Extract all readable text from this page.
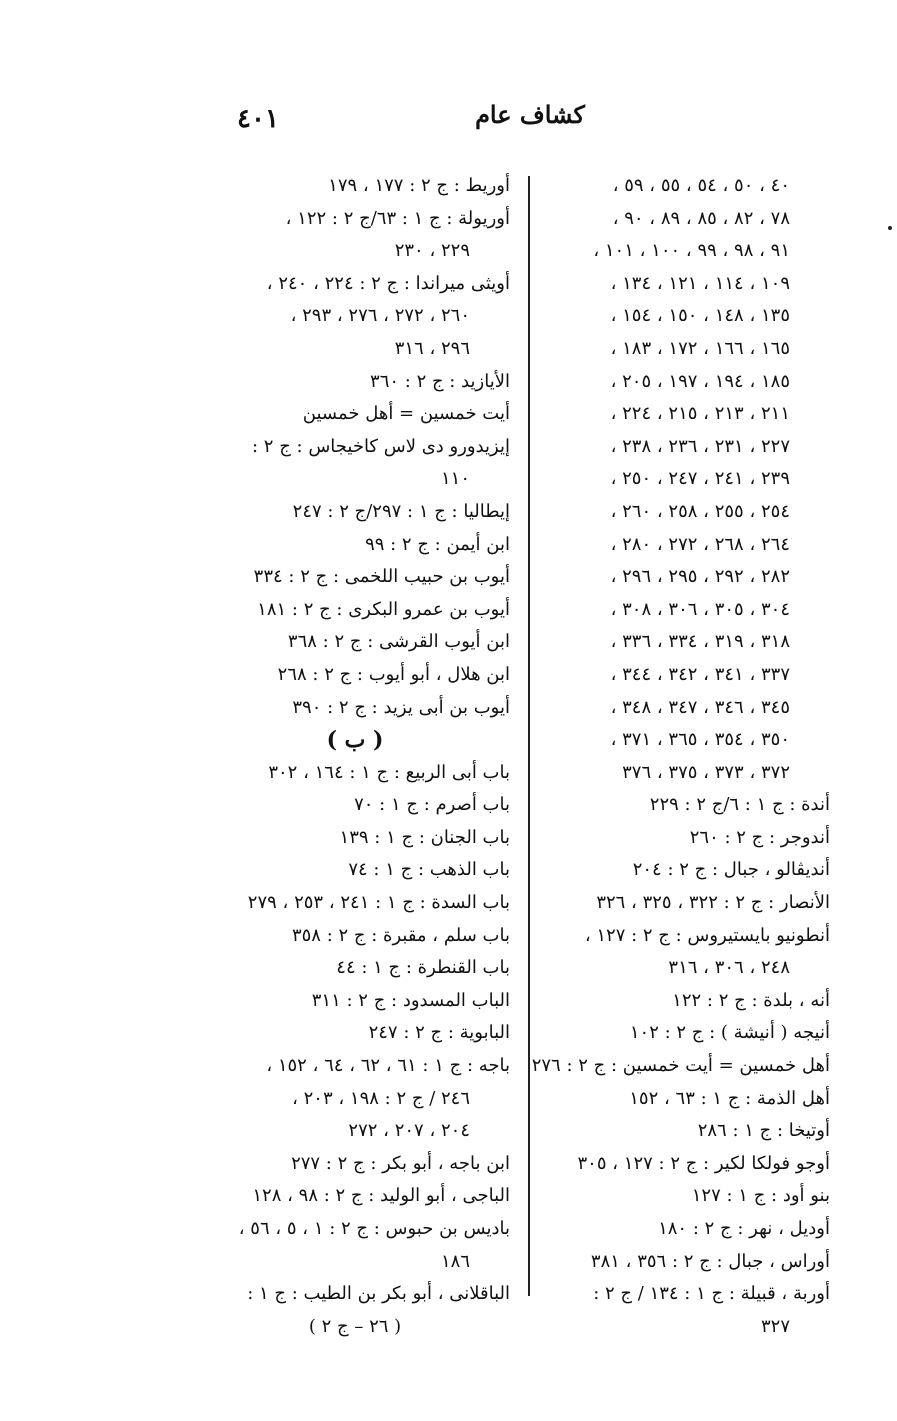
كشاف عام
٤٠١
٤٠ ، ٥٠ ، ٥٤ ، ٥٥ ، ٥٩ ،
٧٨ ، ٨٢ ، ٨٥ ، ٨٩ ، ٩٠ ،
٩١ ، ٩٨ ، ٩٩ ، ١٠٠ ، ١٠١ ،
١٠٩ ، ١١٤ ، ١٢١ ، ١٣٤ ،
١٣٥ ، ١٤٨ ، ١٥٠ ، ١٥٤ ،
١٦٥ ، ١٦٦ ، ١٧٢ ، ١٨٣ ،
١٨٥ ، ١٩٤ ، ١٩٧ ، ٢٠٥ ،
٢١١ ، ٢١٣ ، ٢١٥ ، ٢٢٤ ،
٢٢٧ ، ٢٣١ ، ٢٣٦ ، ٢٣٨ ،
٢٣٩ ، ٢٤١ ، ٢٤٧ ، ٢٥٠ ،
٢٥٤ ، ٢٥٥ ، ٢٥٨ ، ٢٦٠ ،
٢٦٤ ، ٢٦٨ ، ٢٧٢ ، ٢٨٠ ،
٢٨٢ ، ٢٩٢ ، ٢٩٥ ، ٢٩٦ ،
٣٠٤ ، ٣٠٥ ، ٣٠٦ ، ٣٠٨ ،
٣١٨ ، ٣١٩ ، ٣٣٤ ، ٣٣٦ ،
٣٣٧ ، ٣٤١ ، ٣٤٢ ، ٣٤٤ ،
٣٤٥ ، ٣٤٦ ، ٣٤٧ ، ٣٤٨ ،
٣٥٠ ، ٣٥٤ ، ٣٦٥ ، ٣٧١ ،
٣٧٢ ، ٣٧٣ ، ٣٧٥ ، ٣٧٦
أندة : ج ١ : ٦/ج ٢ : ٢٢٩
أندوجر : ج ٢ : ٢٦٠
أنديڤالو ، جبال : ج ٢ : ٢٠٤
الأنصار : ج ٢ : ٣٢٢ ، ٣٢٥ ، ٣٢٦
أنطونيو بايستيروس : ج ٢ : ١٢٧ ،
٢٤٨ ، ٣٠٦ ، ٣١٦
أنه ، بلدة : ج ٢ : ١٢٢
أنيجه ( أنيشة ) : ج ٢ : ١٠٢
أهل خمسين = أيت خمسين : ج ٢ : ٢٧٦
أهل الذمة : ج ١ : ٦٣ ، ١٥٢
أوتيخا : ج ١ : ٢٨٦
أوجو فولكا لكير : ج ٢ : ١٢٧ ، ٣٠٥
بنو أود : ج ١ : ١٢٧
أوديل ، نهر : ج ٢ : ١٨٠
أوراس ، جبال : ج ٢ : ٣٥٦ ، ٣٨١
أوربة ، قبيلة : ج ١ : ١٣٤ / ج ٢ :
٣٢٧
أوريط : ج ٢ : ١٧٧ ، ١٧٩
أوريولة : ج ١ : ٦٣/ج ٢ : ١٢٢ ،
٢٢٩ ، ٢٣٠
أويثى ميراندا : ج ٢ : ٢٢٤ ، ٢٤٠ ،
٢٦٠ ، ٢٧٢ ، ٢٧٦ ، ٢٩٣ ،
٢٩٦ ، ٣١٦
الأيازيد : ج ٢ : ٣٦٠
أيت خمسين = أهل خمسين
إيزيدورو دى لاس كاخيجاس : ج ٢ :
١١٠
إيطاليا : ج ١ : ٢٩٧/ج ٢ : ٢٤٧
ابن أيمن : ج ٢ : ٩٩
أيوب بن حبيب اللخمى : ج ٢ : ٣٣٤
أيوب بن عمرو البكرى : ج ٢ : ١٨١
ابن أيوب القرشى : ج ٢ : ٣٦٨
ابن هلال ، أبو أيوب : ج ٢ : ٢٦٨
أيوب بن أبى يزيد : ج ٢ : ٣٩٠
( ب )
باب أبى الربيع : ج ١ : ١٦٤ ، ٣٠٢
باب أصرم : ج ١ : ٧٠
باب الجنان : ج ١ : ١٣٩
باب الذهب : ج ١ : ٧٤
باب السدة : ج ١ : ٢٤١ ، ٢٥٣ ، ٢٧٩
باب سلم ، مقبرة : ج ٢ : ٣٥٨
باب القنطرة : ج ١ : ٤٤
الباب المسدود : ج ٢ : ٣١١
البابوية : ج ٢ : ٢٤٧
باجه : ج ١ : ٦١ ، ٦٢ ، ٦٤ ، ١٥٢ ،
٢٤٦ / ج ٢ : ١٩٨ ، ٢٠٣ ،
٢٠٤ ، ٢٠٧ ، ٢٧٢
ابن باجه ، أبو بكر : ج ٢ : ٢٧٧
الباجى ، أبو الوليد : ج ٢ : ٩٨ ، ١٢٨
باديس بن حبوس : ج ٢ : ١ ، ٥ ، ٥٦ ،
١٨٦
الباقلانى ، أبو بكر بن الطيب : ج ١ :
( ٢٦ – ج ٢ )
